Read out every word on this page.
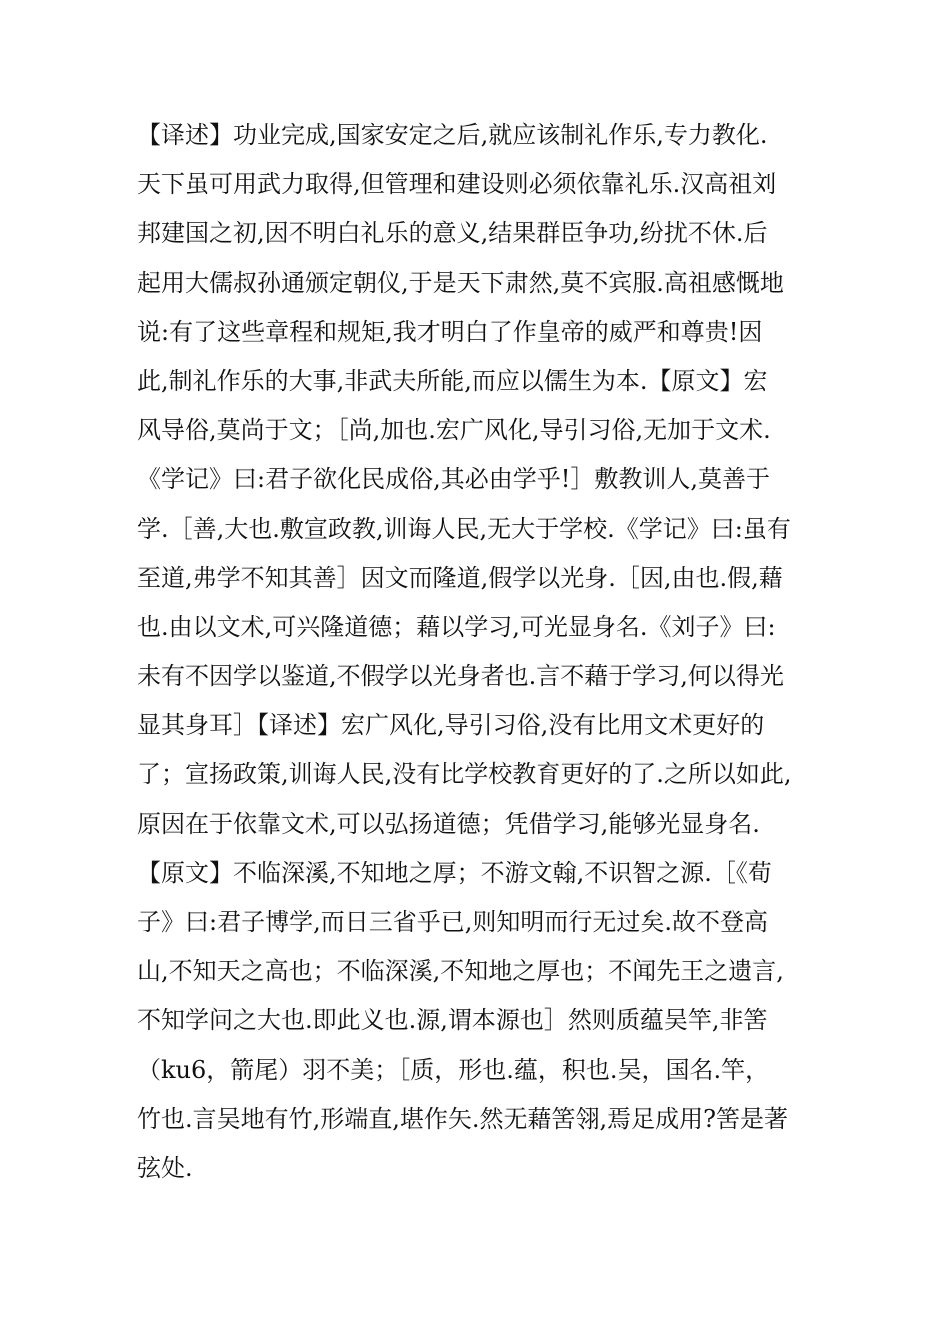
【译述】功业完成,国家安定之后,就应该制礼作乐,专力教化.
天下虽可用武力取得,但管理和建设则必须依靠礼乐.汉高祖刘
邦建国之初,因不明白礼乐的意义,结果群臣争功,纷扰不休.后
起用大儒叔孙通颁定朝仪,于是天下肃然,莫不宾服.高祖感慨地
说:有了这些章程和规矩,我才明白了作皇帝的威严和尊贵!因
此,制礼作乐的大事,非武夫所能,而应以儒生为本.【原文】宏
风导俗,莫尚于文；［尚,加也.宏广风化,导引习俗,无加于文术.
《学记》曰:君子欲化民成俗,其必由学乎!］敷教训人,莫善于
学.［善,大也.敷宣政教,训诲人民,无大于学校.《学记》曰:虽有
至道,弗学不知其善］因文而隆道,假学以光身.［因,由也.假,藉
也.由以文术,可兴隆道德；藉以学习,可光显身名.《刘子》曰:
未有不因学以鉴道,不假学以光身者也.言不藉于学习,何以得光
显其身耳］【译述】宏广风化,导引习俗,没有比用文术更好的
了；宣扬政策,训诲人民,没有比学校教育更好的了.之所以如此,
原因在于依靠文术,可以弘扬道德；凭借学习,能够光显身名.
【原文】不临深溪,不知地之厚；不游文翰,不识智之源.［《荀
子》曰:君子博学,而日三省乎已,则知明而行无过矣.故不登高
山,不知天之高也；不临深溪,不知地之厚也；不闻先王之遗言,
不知学问之大也.即此义也.源,谓本源也］然则质蕴吴竿,非筈
（ku6，箭尾）羽不美；［质，形也.蕴，积也.吴，国名.竿，
竹也.言吴地有竹,形端直,堪作矢.然无藉筈翎,焉足成用?筈是著
弦处.
